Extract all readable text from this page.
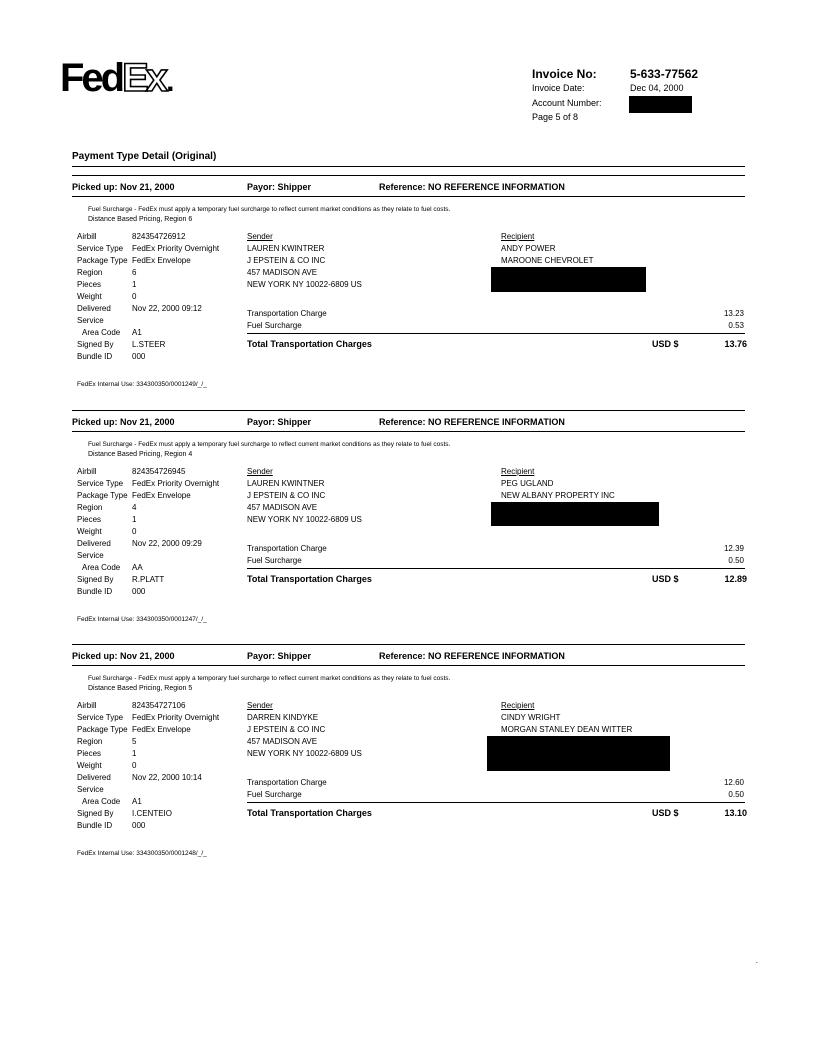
FedEx.	Invoice No:	5-633-77562
Invoice Date:	Dec 04, 2000
Account Number:
Page 5 of 8
Payment Type Detail (Original)
Picked up: Nov 21, 2000	Payor: Shipper	Reference: NO REFERENCE INFORMATION
Fuel Surcharge - FedEx must apply a temporary fuel surcharge to reflect current market conditions as they relate to fuel costs.
Distance Based Pricing, Region 6
Airbill	824354726912
Service Type FedEx Priority Overnight
Package Type FedEx Envelope
Region	6
Pieces	1
Weight	0
Delivered	Nov 22, 2000 09:12
Service
Area Code A1
Signed By L.STEER
Bundle ID 000
Sender
LAUREN KWINTRER
J EPSTEIN & CO INC
457 MADISON AVE
NEW YORK NY 10022-6809 US
Recipient
ANDY POWER
MAROONE CHEVROLET
Transportation Charge	13.23
Fuel Surcharge	0.53
Total Transportation Charges	USD $	13.76
FedEx Internal Use: 334300350/0001249/_/_
Picked up: Nov 21, 2000	Payor: Shipper	Reference: NO REFERENCE INFORMATION
Fuel Surcharge - FedEx must apply a temporary fuel surcharge to reflect current market conditions as they relate to fuel costs.
Distance Based Pricing, Region 4
Airbill	824354726945
Service Type FedEx Priority Overnight
Package Type FedEx Envelope
Region	4
Pieces	1
Weight	0
Delivered	Nov 22, 2000 09:29
Service
Area Code AA
Signed By R.PLATT
Bundle ID 000
Sender
LAUREN KWINTNER
J EPSTEIN & CO INC
457 MADISON AVE
NEW YORK NY 10022-6809 US
Recipient
PEG UGLAND
NEW ALBANY PROPERTY INC
Transportation Charge	12.39
Fuel Surcharge	0.50
Total Transportation Charges	USD $	12.89
FedEx Internal Use: 334300350/0001247/_/_
Picked up: Nov 21, 2000	Payor: Shipper	Reference: NO REFERENCE INFORMATION
Fuel Surcharge - FedEx must apply a temporary fuel surcharge to reflect current market conditions as they relate to fuel costs.
Distance Based Pricing, Region 5
Airbill	824354727106
Service Type FedEx Priority Overnight
Package Type FedEx Envelope
Region	5
Pieces	1
Weight	0
Delivered	Nov 22, 2000 10:14
Service
Area Code A1
Signed By I.CENTEIO
Bundle ID 000
Sender
DARREN KINDYKE
J EPSTEIN & CO INC
457 MADISON AVE
NEW YORK NY 10022-6809 US
Recipient
CINDY WRIGHT
MORGAN STANLEY DEAN WITTER
Transportation Charge	12.60
Fuel Surcharge	0.50
Total Transportation Charges	USD $	13.10
FedEx Internal Use: 334300350/0001248/_/_
.
